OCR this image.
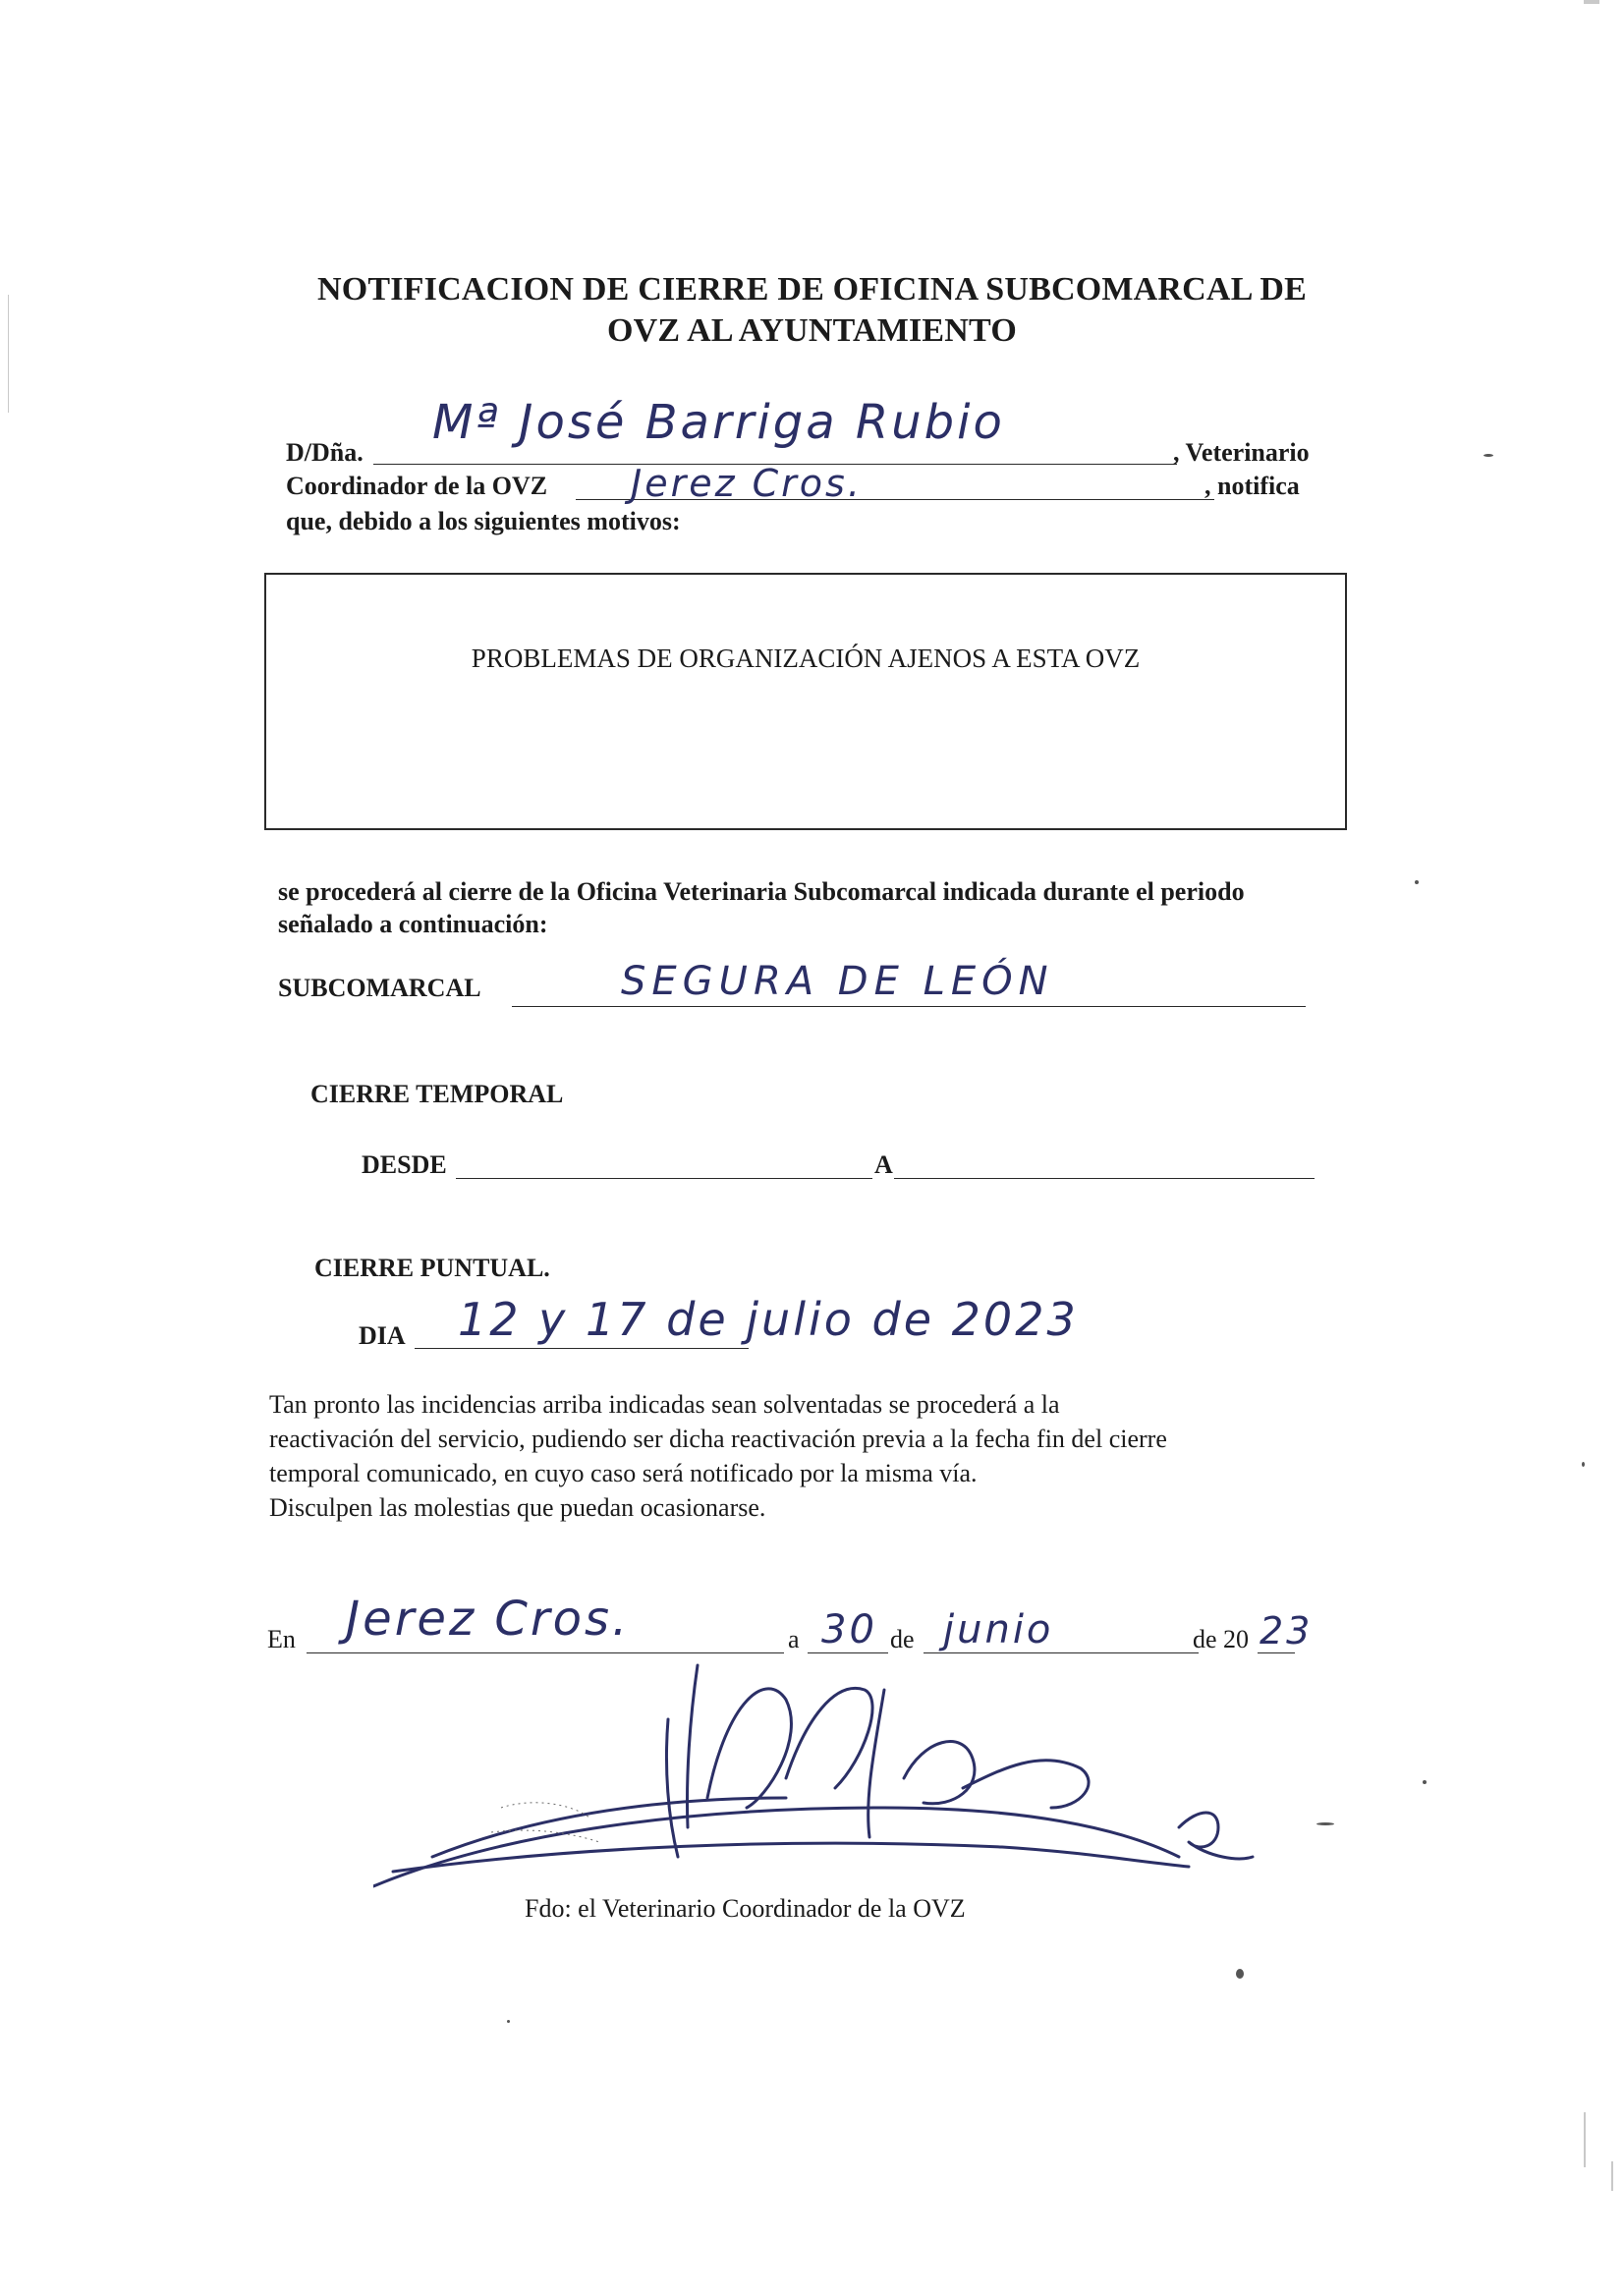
NOTIFICACION DE CIERRE DE OFICINA SUBCOMARCAL DE
OVZ AL AYUNTAMIENTO
D/Dña.
Mª José Barriga Rubio
, Veterinario
Coordinador de la OVZ Jerez Cros.	, notifica
que, debido a los siguientes motivos:
PROBLEMAS DE ORGANIZACIÓN AJENOS A ESTA OVZ
se procederá al cierre de la Oficina Veterinaria Subcomarcal indicada durante el periodo
señalado a continuación:
SUBCOMARCAL	SEGURA DE LEÓN
CIERRE TEMPORAL
DESDE	A
CIERRE PUNTUAL.
DIA 12 y 17 de julio de 2023

Tan pronto las incidencias arriba indicadas sean solventadas se procederá a la

reactivación del servicio, pudiendo ser dicha reactivación previa a la fecha fin del cierre

temporal comunicado, en cuyo caso será notificado por la misma vía.

Disculpen las molestias que puedan ocasionarse.

En Jerez Cros.	a 30 de junio	de 20 23
Fdo: el Veterinario Coordinador de la OVZ
